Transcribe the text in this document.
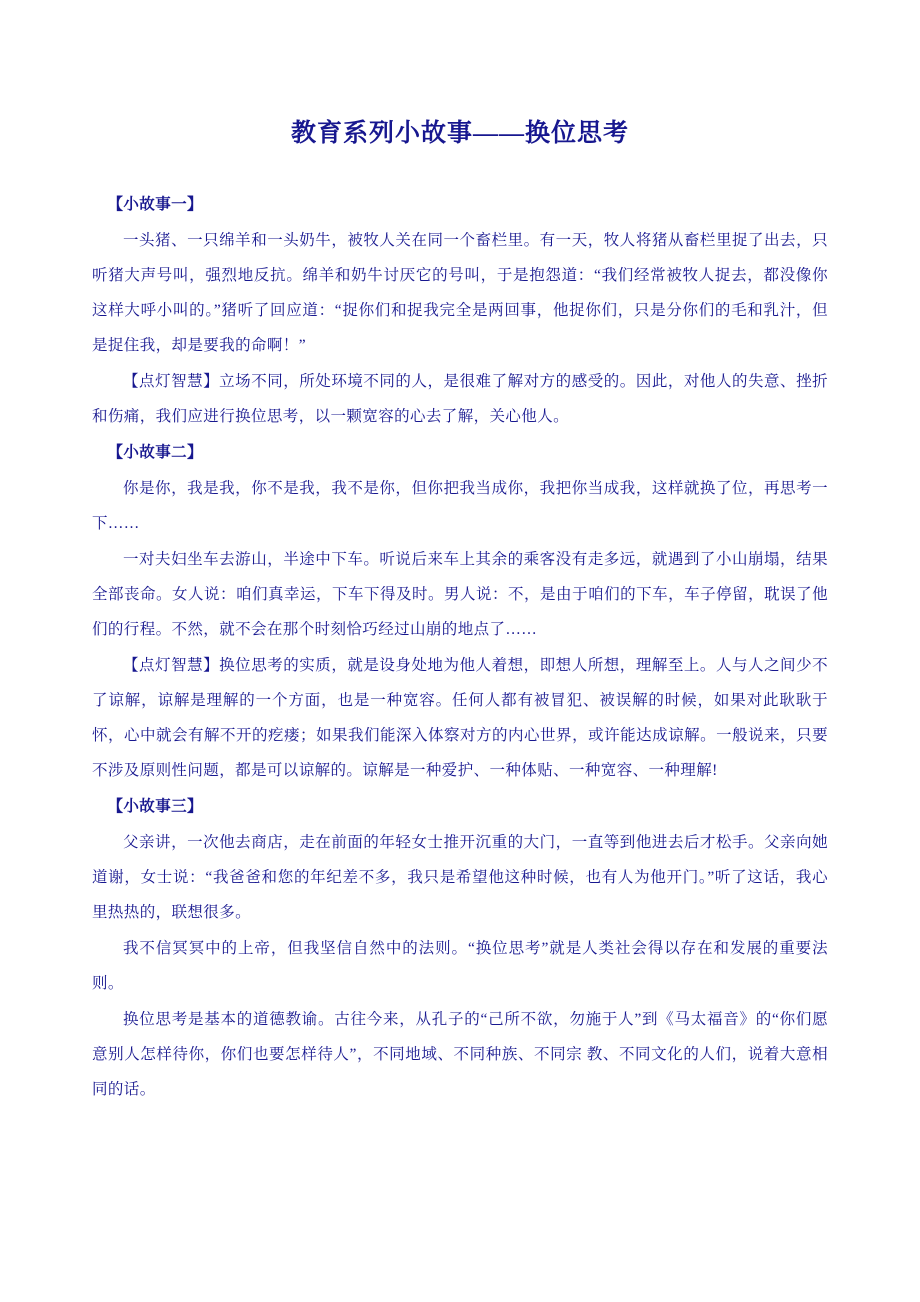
教育系列小故事——换位思考

【小故事一】

一头猪、一只绵羊和一头奶牛，被牧人关在同一个畜栏里。有一天，牧人将猪从畜栏里捉了出去，只听猪大声号叫，强烈地反抗。绵羊和奶牛讨厌它的号叫，于是抱怨道：“我们经常被牧人捉去，都没像你这样大呼小叫的。”猪听了回应道：“捉你们和捉我完全是两回事，他捉你们，只是分你们的毛和乳汁，但是捉住我，却是要我的命啊！”

【点灯智慧】立场不同，所处环境不同的人，是很难了解对方的感受的。因此，对他人的失意、挫折和伤痛，我们应进行换位思考，以一颗宽容的心去了解，关心他人。

【小故事二】

你是你，我是我，你不是我，我不是你，但你把我当成你，我把你当成我，这样就换了位，再思考一下……

一对夫妇坐车去游山，半途中下车。听说后来车上其余的乘客没有走多远，就遇到了小山崩塌，结果全部丧命。女人说：咱们真幸运，下车下得及时。男人说：不，是由于咱们的下车，车子停留，耽误了他们的行程。不然，就不会在那个时刻恰巧经过山崩的地点了……

【点灯智慧】换位思考的实质，就是设身处地为他人着想，即想人所想，理解至上。人与人之间少不了谅解，谅解是理解的一个方面，也是一种宽容。任何人都有被冒犯、被误解的时候，如果对此耿耿于怀，心中就会有解不开的疙瘘；如果我们能深入体察对方的内心世界，或许能达成谅解。一般说来，只要不涉及原则性问题，都是可以谅解的。谅解是一种爱护、一种体贴、一种宽容、一种理解!

【小故事三】

父亲讲，一次他去商店，走在前面的年轻女士推开沉重的大门，一直等到他进去后才松手。父亲向她道谢，女士说：“我爸爸和您的年纪差不多，我只是希望他这种时候，也有人为他开门。”听了这话，我心里热热的，联想很多。

我不信冥冥中的上帝，但我坚信自然中的法则。“换位思考”就是人类社会得以存在和发展的重要法则。

换位思考是基本的道德教谕。古往今来，从孔子的“己所不欲，勿施于人”到《马太福音》的“你们愿意别人怎样待你，你们也要怎样待人”，不同地域、不同种族、不同宗 教、不同文化的人们，说着大意相同的话。
